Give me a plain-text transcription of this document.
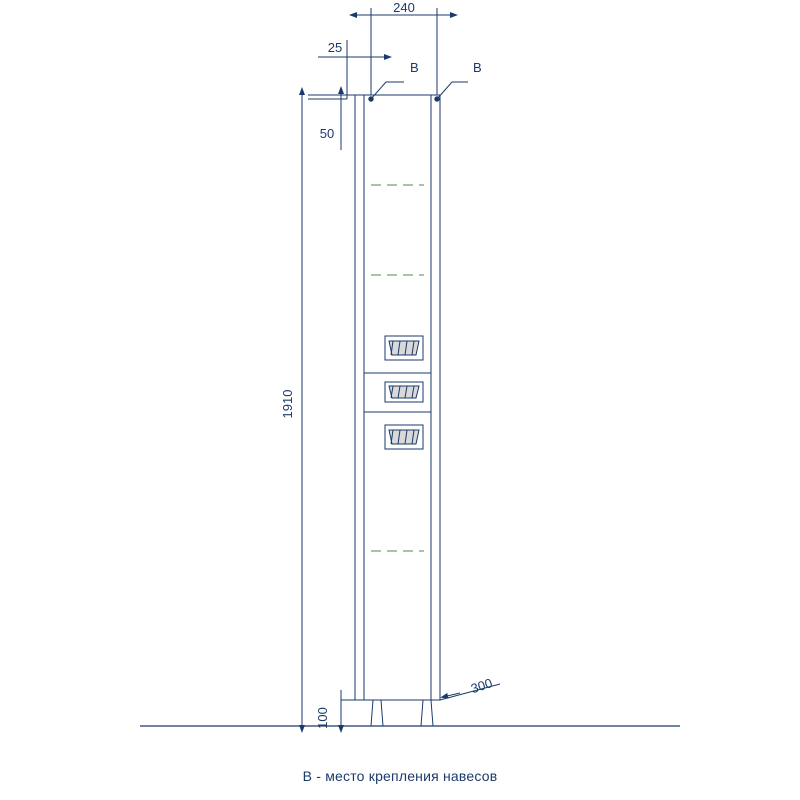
240
25
50
1910
100
300
В	В
В - место крепления навесов
